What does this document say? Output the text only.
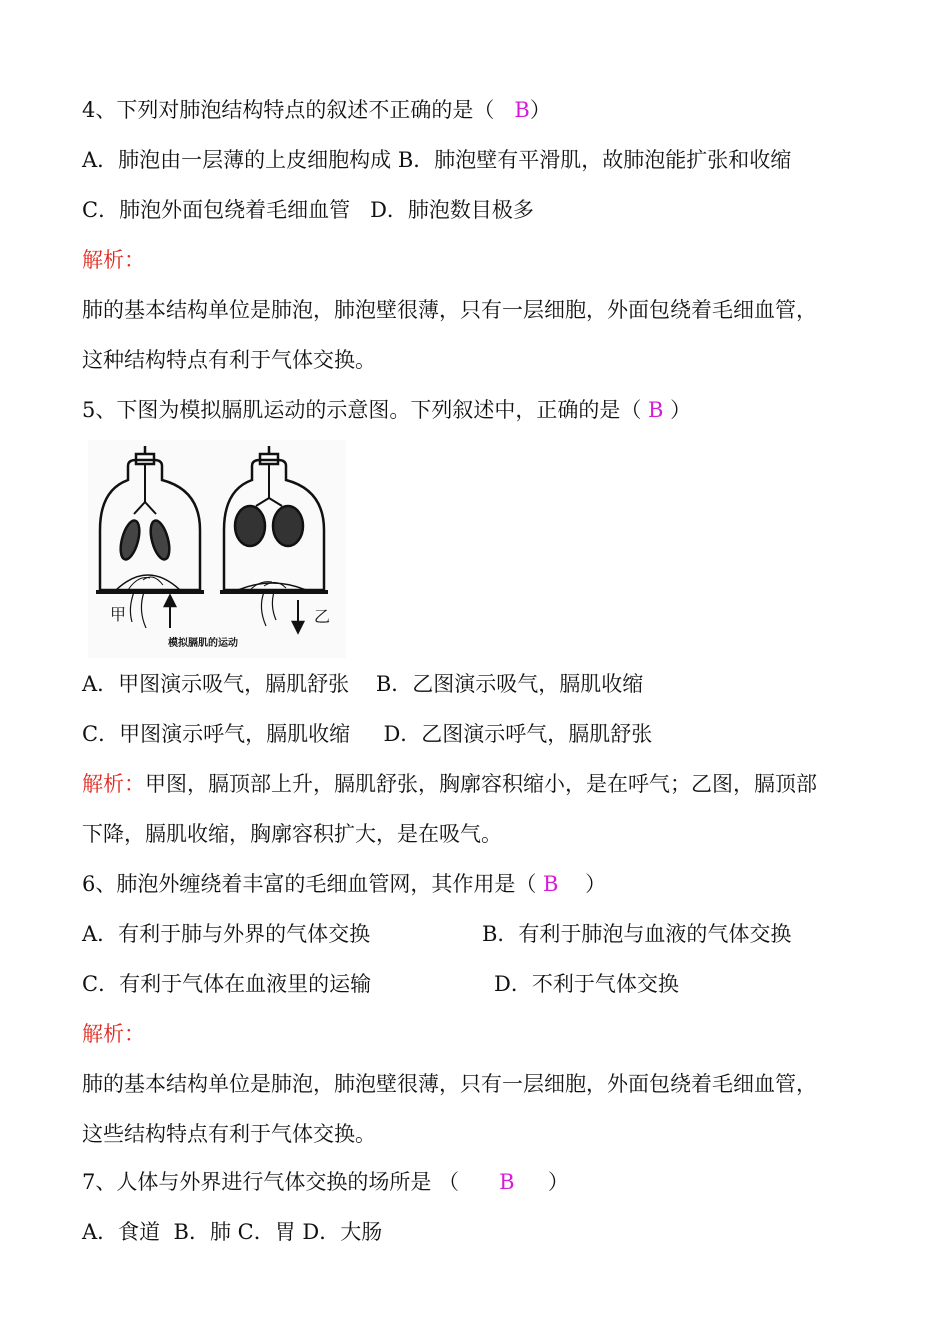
4、下列对肺泡结构特点的叙述不正确的是（   B）
A．肺泡由一层薄的上皮细胞构成 B．肺泡壁有平滑肌，故肺泡能扩张和收缩
C．肺泡外面包绕着毛细血管   D．肺泡数目极多
解析：
肺的基本结构单位是肺泡，肺泡壁很薄，只有一层细胞，外面包绕着毛细血管，
这种结构特点有利于气体交换。
5、下图为模拟膈肌运动的示意图。下列叙述中，正确的是（ B ）
甲	乙
模拟膈肌的运动
A．甲图演示吸气，膈肌舒张    B．乙图演示吸气，膈肌收缩
C．甲图演示呼气，膈肌收缩     D．乙图演示呼气，膈肌舒张
解析：甲图，膈顶部上升，膈肌舒张，胸廓容积缩小，是在呼气；乙图，膈顶部
下降，膈肌收缩，胸廓容积扩大，是在吸气。
6、肺泡外缠绕着丰富的毛细血管网，其作用是（ B    ）
A．有利于肺与外界的气体交换	B．有利于肺泡与血液的气体交换
C．有利于气体在血液里的运输	D．不利于气体交换
解析：
肺的基本结构单位是肺泡，肺泡壁很薄，只有一层细胞，外面包绕着毛细血管，
这些结构特点有利于气体交换。
7、人体与外界进行气体交换的场所是 （      B     ）
A．食道  B．肺 C．胃 D．大肠
